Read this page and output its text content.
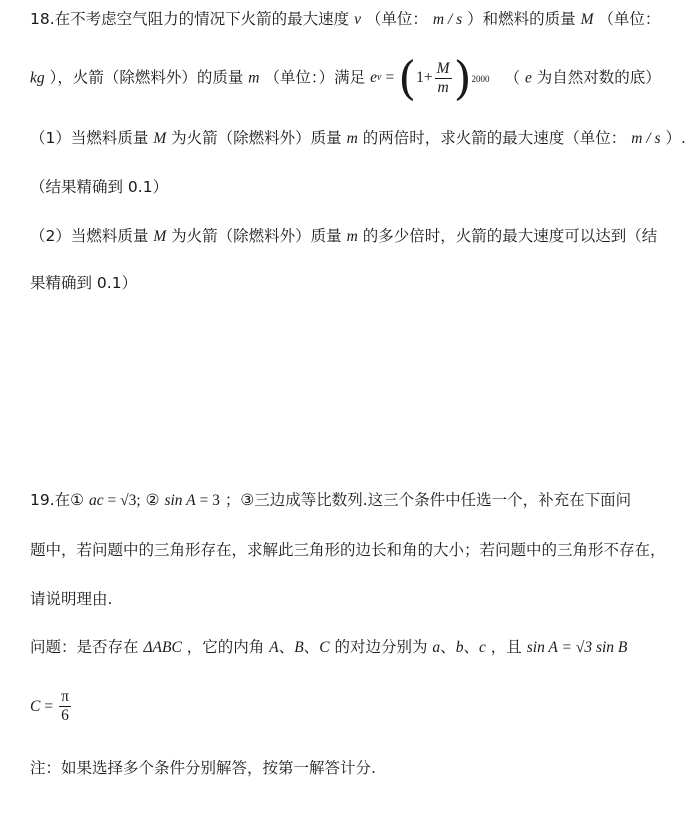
18.在不考虑空气阻力的情况下火箭的最大速度 v （单位： m / s ）和燃料的质量 M （单位：
kg ），火箭（除燃料外）的质量 m （单位：）满足 e v = ( $1+ \frac{M}{m}$ ) 2000 （ e 为自然对数的底）
（1）当燃料质量 M 为火箭（除燃料外）质量 m 的两倍时，求火箭的最大速度（单位： m / s ）.
（结果精确到 0.1）
（2）当燃料质量 M 为火箭（除燃料外）质量 m 的多少倍时，火箭的最大速度可以达到（结
果精确到 0.1）
19.在① ac = √3; ② sin A = 3 ；③三边成等比数列.这三个条件中任选一个，补充在下面问
题中，若问题中的三角形存在，求解此三角形的边长和角的大小；若问题中的三角形不存在，
请说明理由.
问题：是否存在 ΔABC ，它的内角 A、B、C 的对边分别为 a、b、c ，且 sin A = √3 sin B
$C = \frac{\pi}{6}$
注：如果选择多个条件分别解答，按第一解答计分.
